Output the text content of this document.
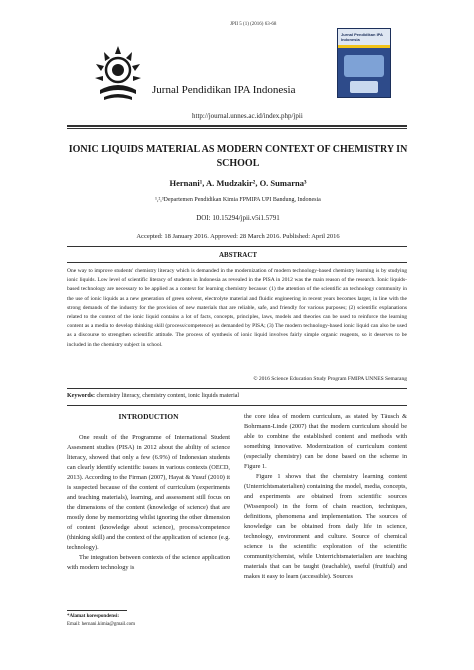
JPII 5 (1) (2016) 63-68
Jurnal Pendidikan IPA Indonesia
http://journal.unnes.ac.id/index.php/jpii
Jurnal Pendidikan IPA Indonesia
IONIC LIQUIDS MATERIAL AS MODERN CONTEXT OF CHEMISTRY IN SCHOOL
Hernani¹, A. Mudzakir², O. Sumarna³
¹,²,³Departemen Pendidikan Kimia FPMIPA UPI Bandung, Indonesia
DOI: 10.15294/jpii.v5i1.5791
Accepted: 18 January 2016. Approved: 28 March 2016. Published: April 2016
ABSTRACT
One way to improve students' chemistry literacy which is demanded in the modernization of modern technology-based chemistry learning is by studying ionic liquids. Low level of scientific literacy of students in Indonesia as revealed in the PISA in 2012 was the main reason of the research. Ionic liquids-based technology are necessary to be applied as a context for learning chemistry because: (1) the attention of the scientific an technology community in the use of ionic liquids as a new generation of green solvent, electrolyte material and fluidic engineering in recent years becomes larger, in line with the strong demands of the industry for the provision of new materials that are reliable, safe, and friendly for various purposes; (2) scientific explanations related to the context of the ionic liquid contains a lot of facts, concepts, principles, laws, models and theories can be used to reinforce the learning content as a media to develop thinking skill (process/competence) as demanded by PISA; (3) The modern technology-based ionic liquid can also be used as a discourse to strengthen scientific attitude. The process of synthesis of ionic liquid involves fairly simple organic reagents, so it deserves to be included in the chemistry subject in school.
© 2016 Science Education Study Program FMIPA UNNES Semarang
Keywords: chemistry literacy, chemistry content, ionic liquids material
INTRODUCTION

One result of the Programme of International Student Assesment studies (PISA) in 2012 about the ability of science literacy, showed that only a few (6.9%) of Indonesian students can clearly identify scientific issues in various contexts (OECD, 2013). According to the Firman (2007), Hayat & Yusuf (2010) it is suspected because of the content of curriculum (experiments and teaching materials), learning, and assessment still focus on the dimensions of the content (knowledge of science) that are mostly done by memorizing whilst ignoring the other dimension of content (knowledge about science), process/competence (thinking skill) and the context of the application of science (e.g. technology).

The integration between contexts of the science application with modern technology is

the core idea of modern curriculum, as stated by Täusch & Bohrmann-Linde (2007) that the modern curriculum should be able to combine the established content and methods with something innovative. Modernization of curriculum content (especially chemistry) can be done based on the scheme in Figure 1.

Figure 1 shows that the chemistry learning content (Unterrichtsmaterialien) containing the model, media, concepts, and experiments are obtained from scientific sources (Wissenpool) in the form of chain reaction, techniques, definitions, phenomena and implementation. The sources of knowledge can be obtained from daily life in science, technology, environment and culture. Source of chemical science is the scientific exploration of the scientific community/chemist, while Unterrichtsmaterialien are teaching materials that can be taught (teachable), useful (fruitful) and makes it easy to learn (accessible). Sources

*Alamat korespondensi:
Email: hernani.kimia@gmail.com
